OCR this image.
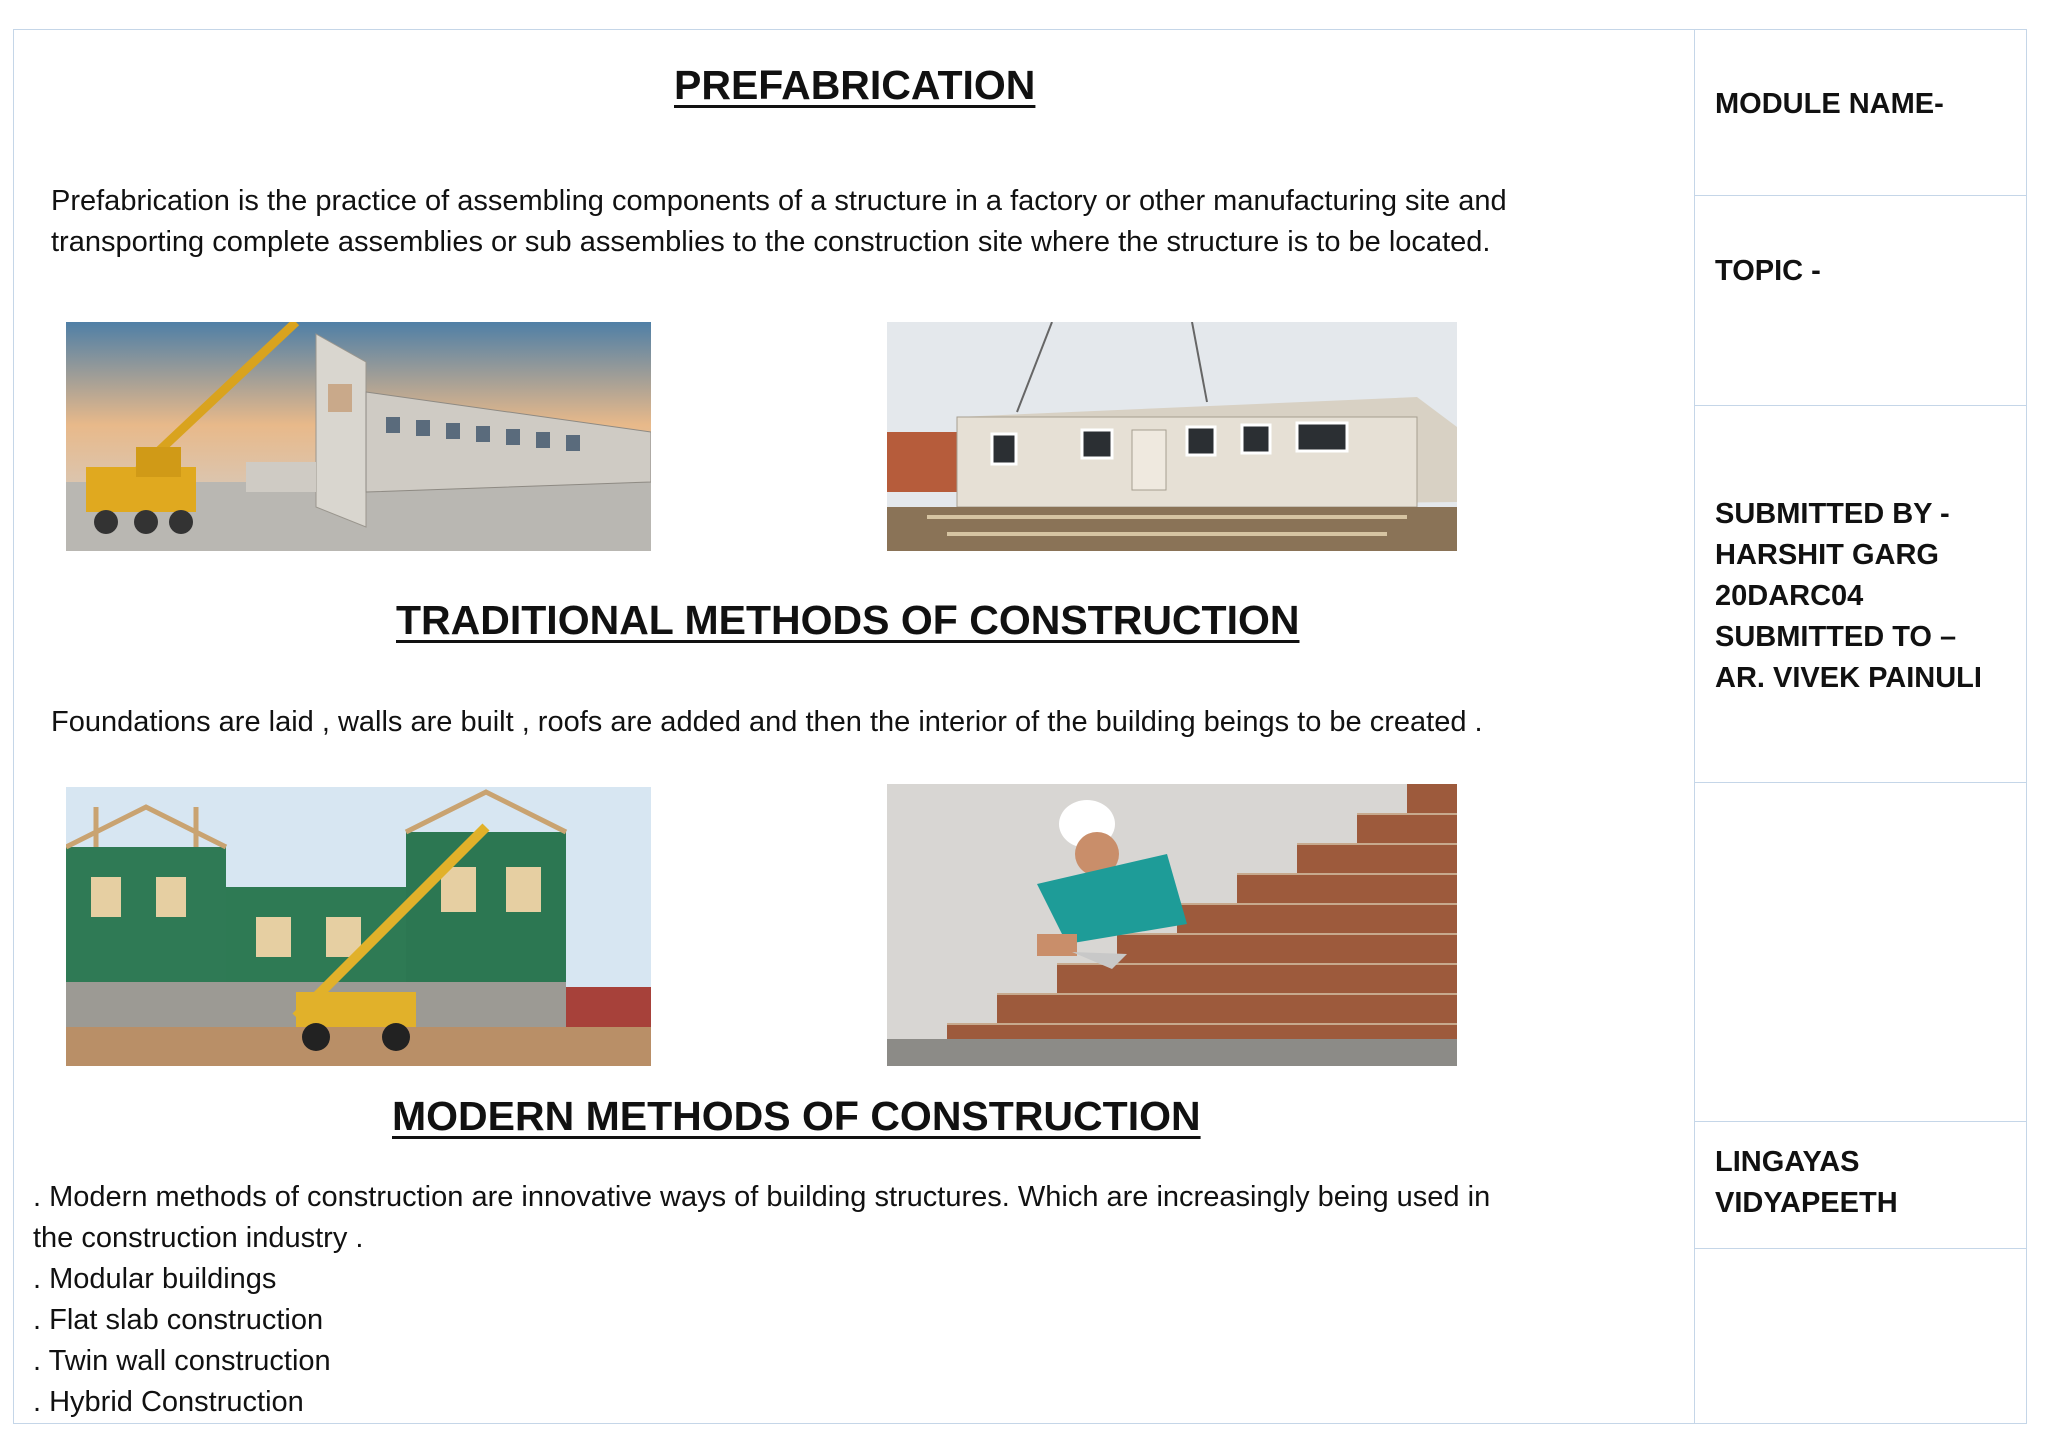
PREFABRICATION
Prefabrication is the practice of assembling components of a structure in a factory or other manufacturing site and
transporting complete assemblies or sub assemblies to the construction site where the structure is to be located.
TRADITIONAL METHODS OF CONSTRUCTION
Foundations are laid , walls are built , roofs are added and then the interior of the building beings to be created .
MODERN METHODS OF CONSTRUCTION
. Modern methods of construction are innovative ways of building structures. Which are increasingly being used in
the construction industry .
. Modular buildings
. Flat slab construction
. Twin wall construction
. Hybrid Construction
MODULE NAME-
TOPIC -
SUBMITTED BY -
HARSHIT GARG
20DARC04
SUBMITTED TO –
AR. VIVEK PAINULI
LINGAYAS
VIDYAPEETH
